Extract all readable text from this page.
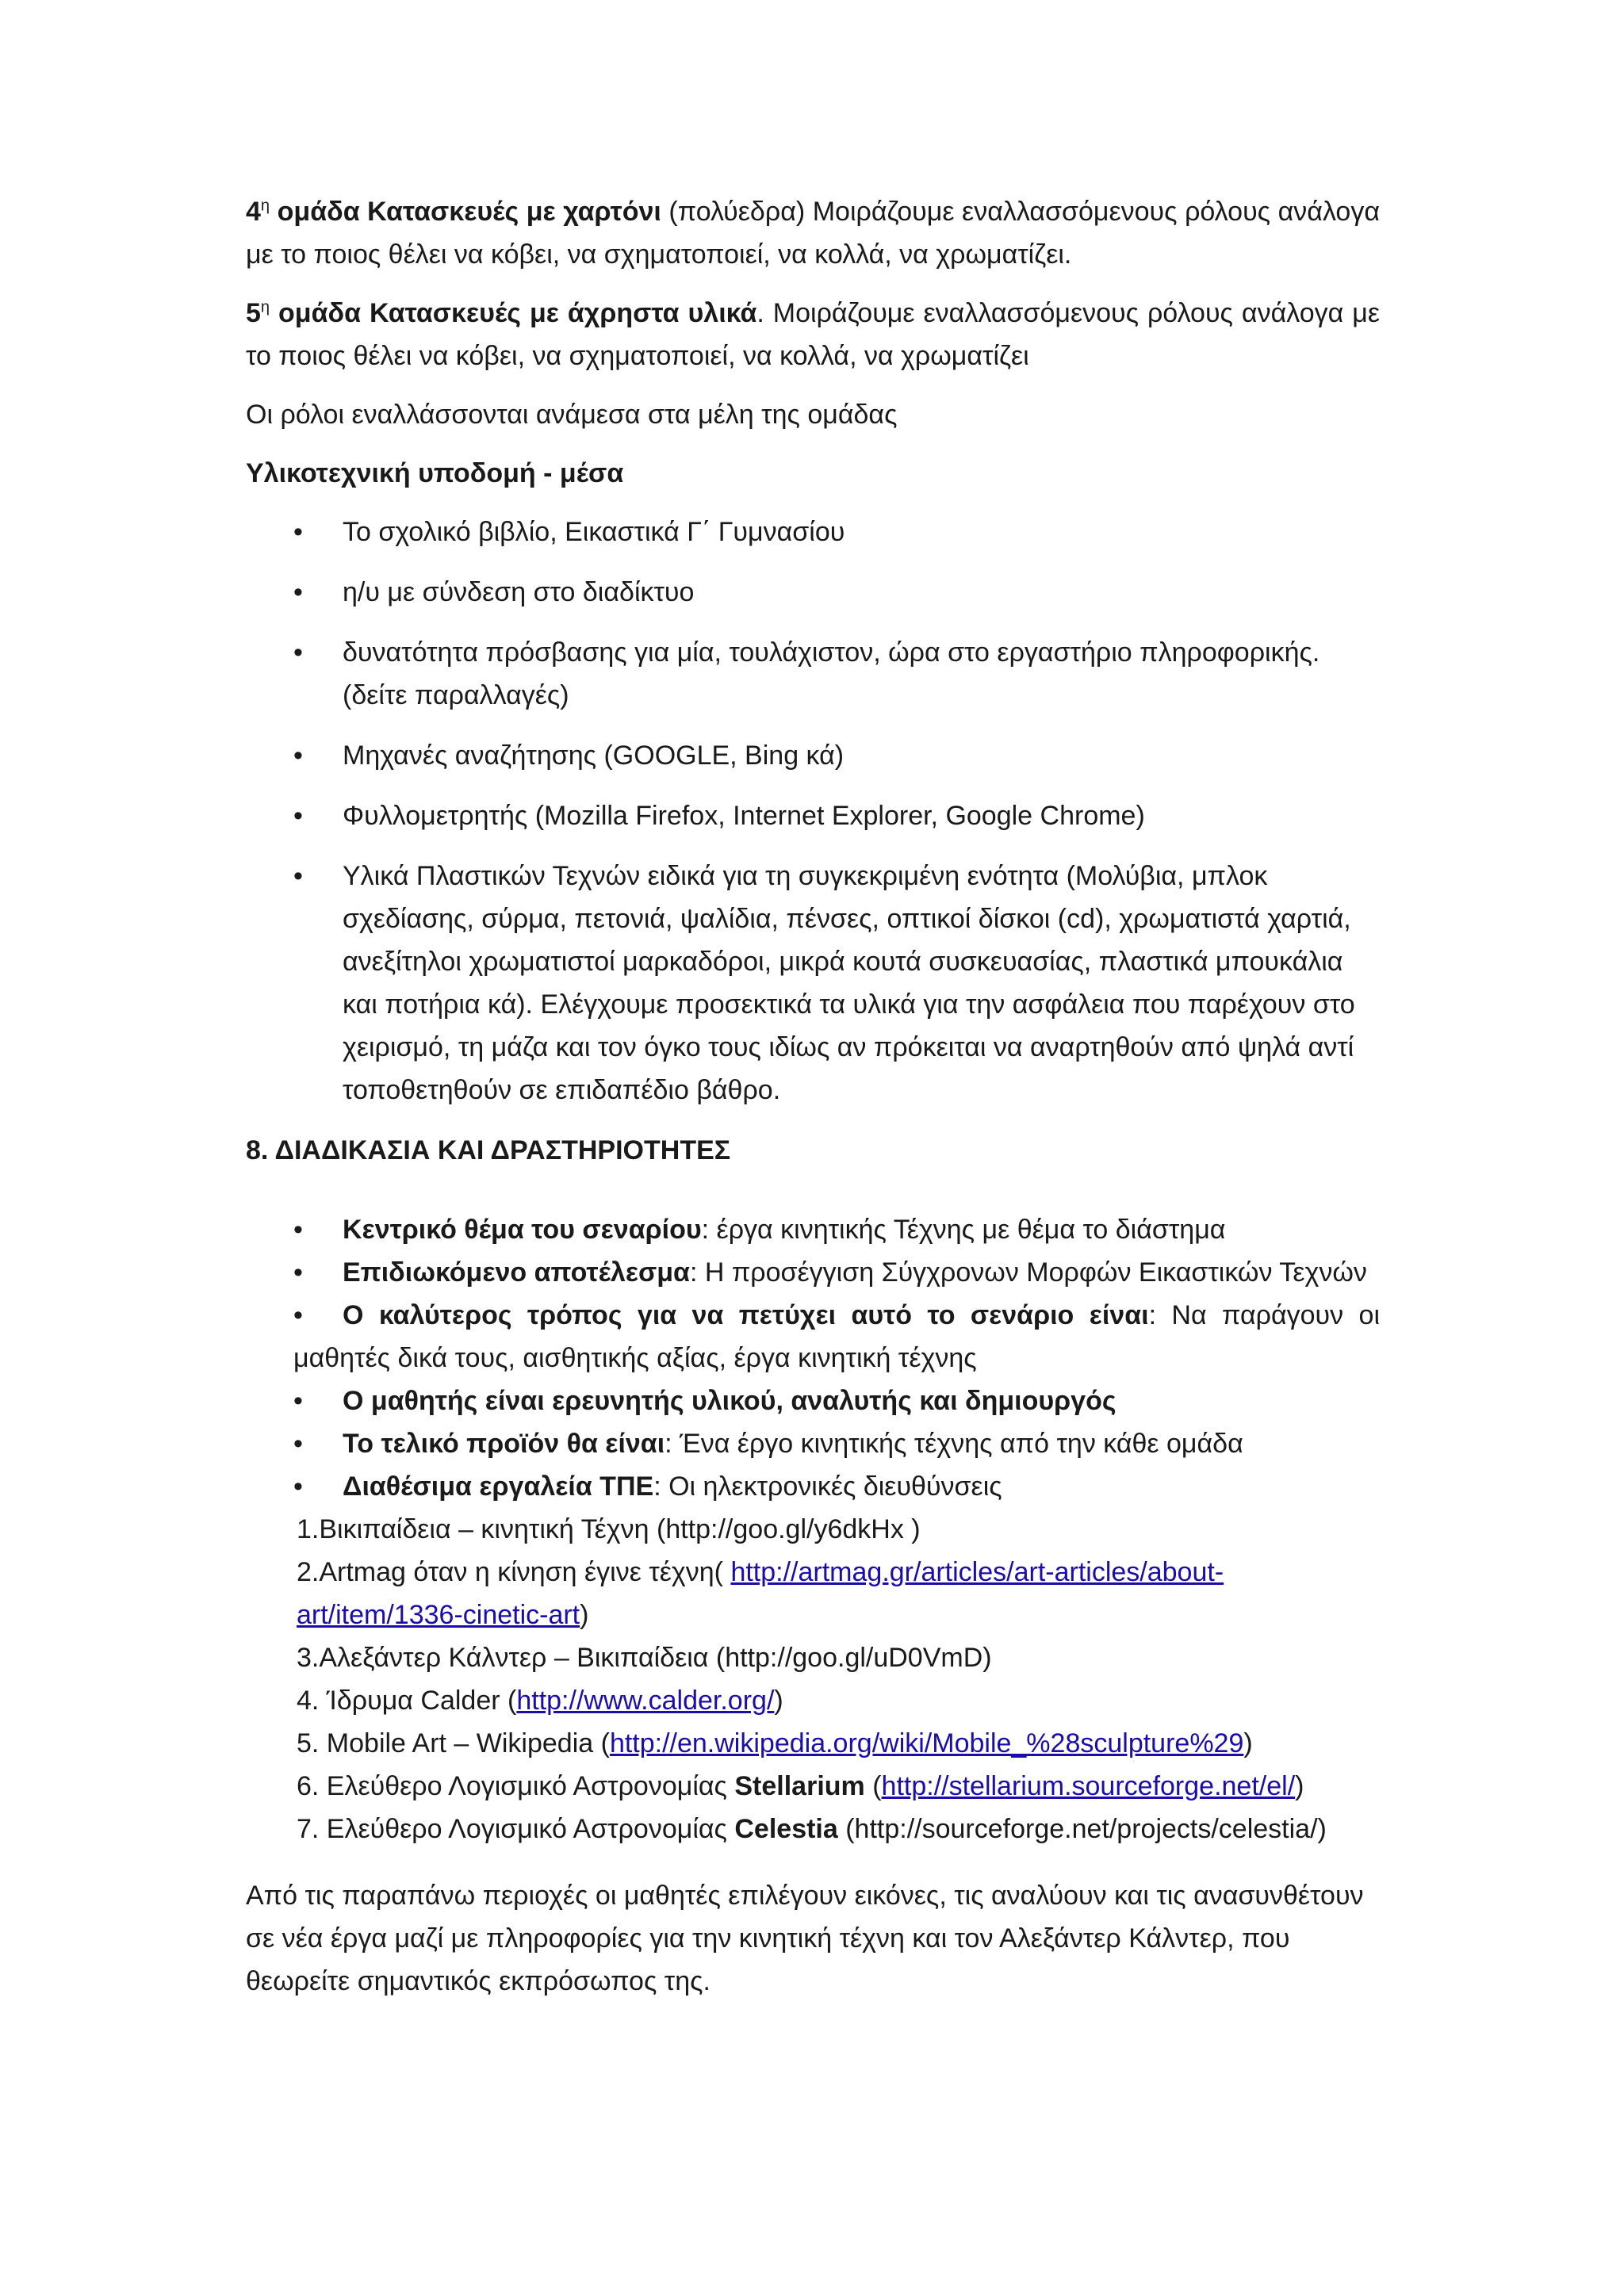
$4^\eta$ ομάδα Κατασκευές με χαρτόνι (πολύεδρα) Μοιράζουμε εναλλασσόμενους ρόλους ανάλογα με το ποιος θέλει να κόβει, να σχηματοποιεί, να κολλά, να χρωματίζει.

$5^\eta$ ομάδα Κατασκευές με άχρηστα υλικά. Μοιράζουμε εναλλασσόμενους ρόλους ανάλογα με το ποιος θέλει να κόβει, να σχηματοποιεί, να κολλά, να χρωματίζει

Οι ρόλοι εναλλάσσονται ανάμεσα στα μέλη της ομάδας

Υλικοτεχνική υποδομή - μέσα

• Το σχολικό βιβλίο, Εικαστικά Γ΄ Γυμνασίου
• η/υ με σύνδεση στο διαδίκτυο
• δυνατότητα πρόσβασης για μία, τουλάχιστον, ώρα στο εργαστήριο πληροφορικής. (δείτε παραλλαγές)
• Μηχανές αναζήτησης (GOOGLE, Bing κά)
• Φυλλομετρητής (Mozilla Firefox, Internet Explorer, Google Chrome)
• Υλικά Πλαστικών Τεχνών ειδικά για τη συγκεκριμένη ενότητα (Μολύβια, μπλοκ σχεδίασης, σύρμα, πετονιά, ψαλίδια, πένσες, οπτικοί δίσκοι (cd), χρωματιστά χαρτιά, ανεξίτηλοι χρωματιστοί μαρκαδόροι, μικρά κουτά συσκευασίας, πλαστικά μπουκάλια και ποτήρια κά). Ελέγχουμε προσεκτικά τα υλικά για την ασφάλεια που παρέχουν στο χειρισμό, τη μάζα και τον όγκο τους ιδίως αν πρόκειται να αναρτηθούν από ψηλά αντί τοποθετηθούν σε επιδαπέδιο βάθρο.

8. ΔΙΑΔΙΚΑΣΙΑ ΚΑΙ ΔΡΑΣΤΗΡΙΟΤΗΤΕΣ

• Κεντρικό θέμα του σεναρίου: έργα κινητικής Τέχνης με θέμα το διάστημα
• Επιδιωκόμενο αποτέλεσμα: Η προσέγγιση Σύγχρονων Μορφών Εικαστικών Τεχνών
• Ο καλύτερος τρόπος για να πετύχει αυτό το σενάριο είναι: Να παράγουν οι μαθητές δικά τους, αισθητικής αξίας, έργα κινητική τέχνης
• Ο μαθητής είναι ερευνητής υλικού, αναλυτής και δημιουργός
• Το τελικό προϊόν θα είναι: Ένα έργο κινητικής τέχνης από την κάθε ομάδα
• Διαθέσιμα εργαλεία ΤΠΕ: Οι ηλεκτρονικές διευθύνσεις
1.Βικιπαίδεια – κινητική Τέχνη (http://goo.gl/y6dkHx )
2.Artmag όταν η κίνηση έγινε τέχνη( http://artmag.gr/articles/art-articles/about-art/item/1336-cinetic-art)
3.Αλεξάντερ Κάλντερ – Βικιπαίδεια (http://goo.gl/uD0VmD)
4. Ίδρυμα Calder (http://www.calder.org/)
5. Mobile Art – Wikipedia (http://en.wikipedia.org/wiki/Mobile_%28sculpture%29)
6. Ελεύθερο Λογισμικό Αστρονομίας Stellarium (http://stellarium.sourceforge.net/el/)
7. Ελεύθερο Λογισμικό Αστρονομίας Celestia (http://sourceforge.net/projects/celestia/)

Από τις παραπάνω περιοχές οι μαθητές επιλέγουν εικόνες, τις αναλύουν και τις ανασυνθέτουν σε νέα έργα μαζί με πληροφορίες για την κινητική τέχνη και τον Αλεξάντερ Κάλντερ, που θεωρείτε σημαντικός εκπρόσωπος της.
